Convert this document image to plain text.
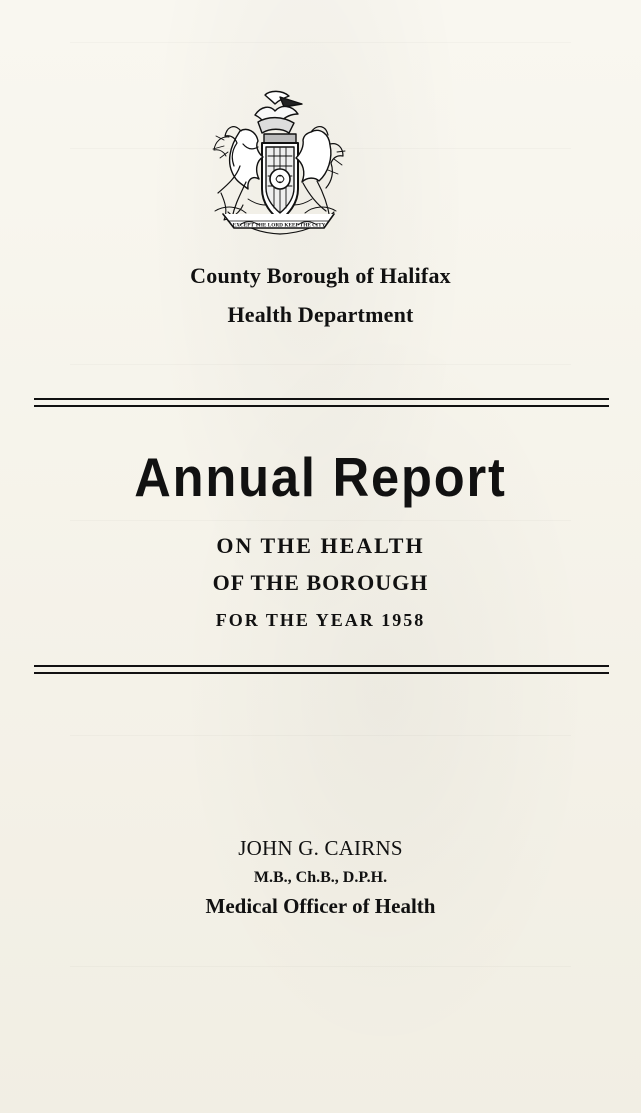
EXCEPT THE LORD KEEP THE CITY
County Borough of Halifax
Health Department
Annual Report
ON THE HEALTH
OF THE BOROUGH
FOR THE YEAR 1958
JOHN G. CAIRNS
M.B., Ch.B., D.P.H.
Medical Officer of Health
